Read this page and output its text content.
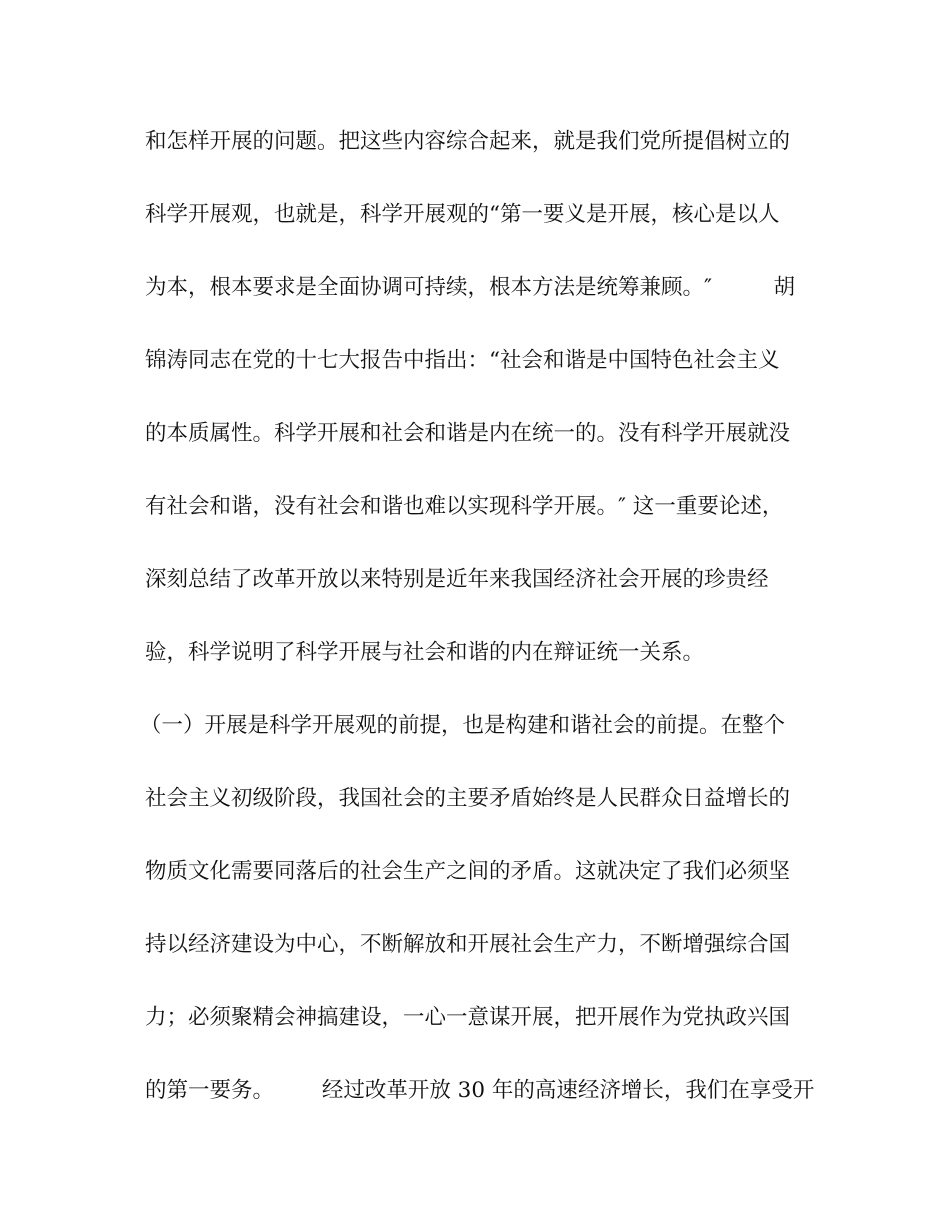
和怎样开展的问题。把这些内容综合起来，就是我们党所提倡树立的
科学开展观，也就是，科学开展观的“第一要义是开展，核心是以人
为本，根本要求是全面协调可持续，根本方法是统筹兼顾。″         胡
锦涛同志在党的十七大报告中指出：“社会和谐是中国特色社会主义
的本质属性。科学开展和社会和谐是内在统一的。没有科学开展就没
有社会和谐，没有社会和谐也难以实现科学开展。″ 这一重要论述，
深刻总结了改革开放以来特别是近年来我国经济社会开展的珍贵经
验，科学说明了科学开展与社会和谐的内在辩证统一关系。
（一）开展是科学开展观的前提，也是构建和谐社会的前提。在整个
社会主义初级阶段，我国社会的主要矛盾始终是人民群众日益增长的
物质文化需要同落后的社会生产之间的矛盾。这就决定了我们必须坚
持以经济建设为中心，不断解放和开展社会生产力，不断增强综合国
力；必须聚精会神搞建设，一心一意谋开展，把开展作为党执政兴国
的第一要务。       经过改革开放 30 年的高速经济增长，我们在享受开
